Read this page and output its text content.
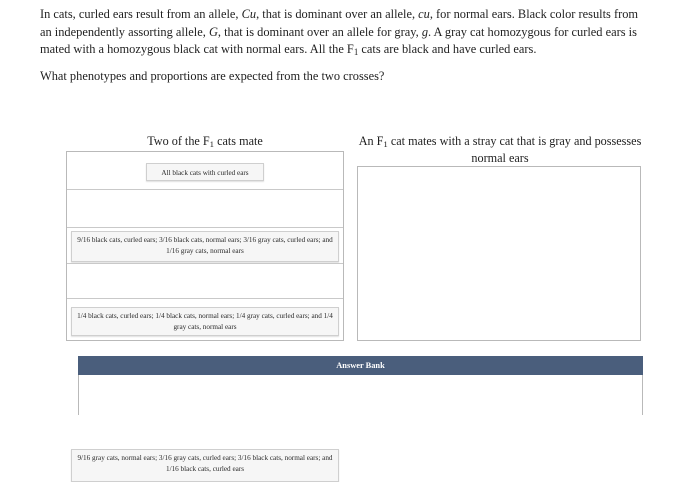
In cats, curled ears result from an allele, Cu, that is dominant over an allele, cu, for normal ears. Black color results from an independently assorting allele, G, that is dominant over an allele for gray, g. A gray cat homozygous for curled ears is mated with a homozygous black cat with normal ears. All the $F_1$ cats are black and have curled ears.
What phenotypes and proportions are expected from the two crosses?
Two of the $F_1$ cats mate	An $F_1$ cat mates with a stray cat that is gray and possesses normal ears
All black cats with curled ears
9/16 black cats, curled ears; 3/16 black cats, normal ears; 3/16 gray cats, curled ears; and 1/16 gray cats, normal ears
1/4 black cats, curled ears; 1/4 black cats, normal ears; 1/4 gray cats, curled ears; and 1/4 gray cats, normal ears
9/16 gray cats, normal ears; 3/16 gray cats, curled ears; 3/16 black cats, normal ears; and 1/16 black cats, curled ears
Answer Bank
